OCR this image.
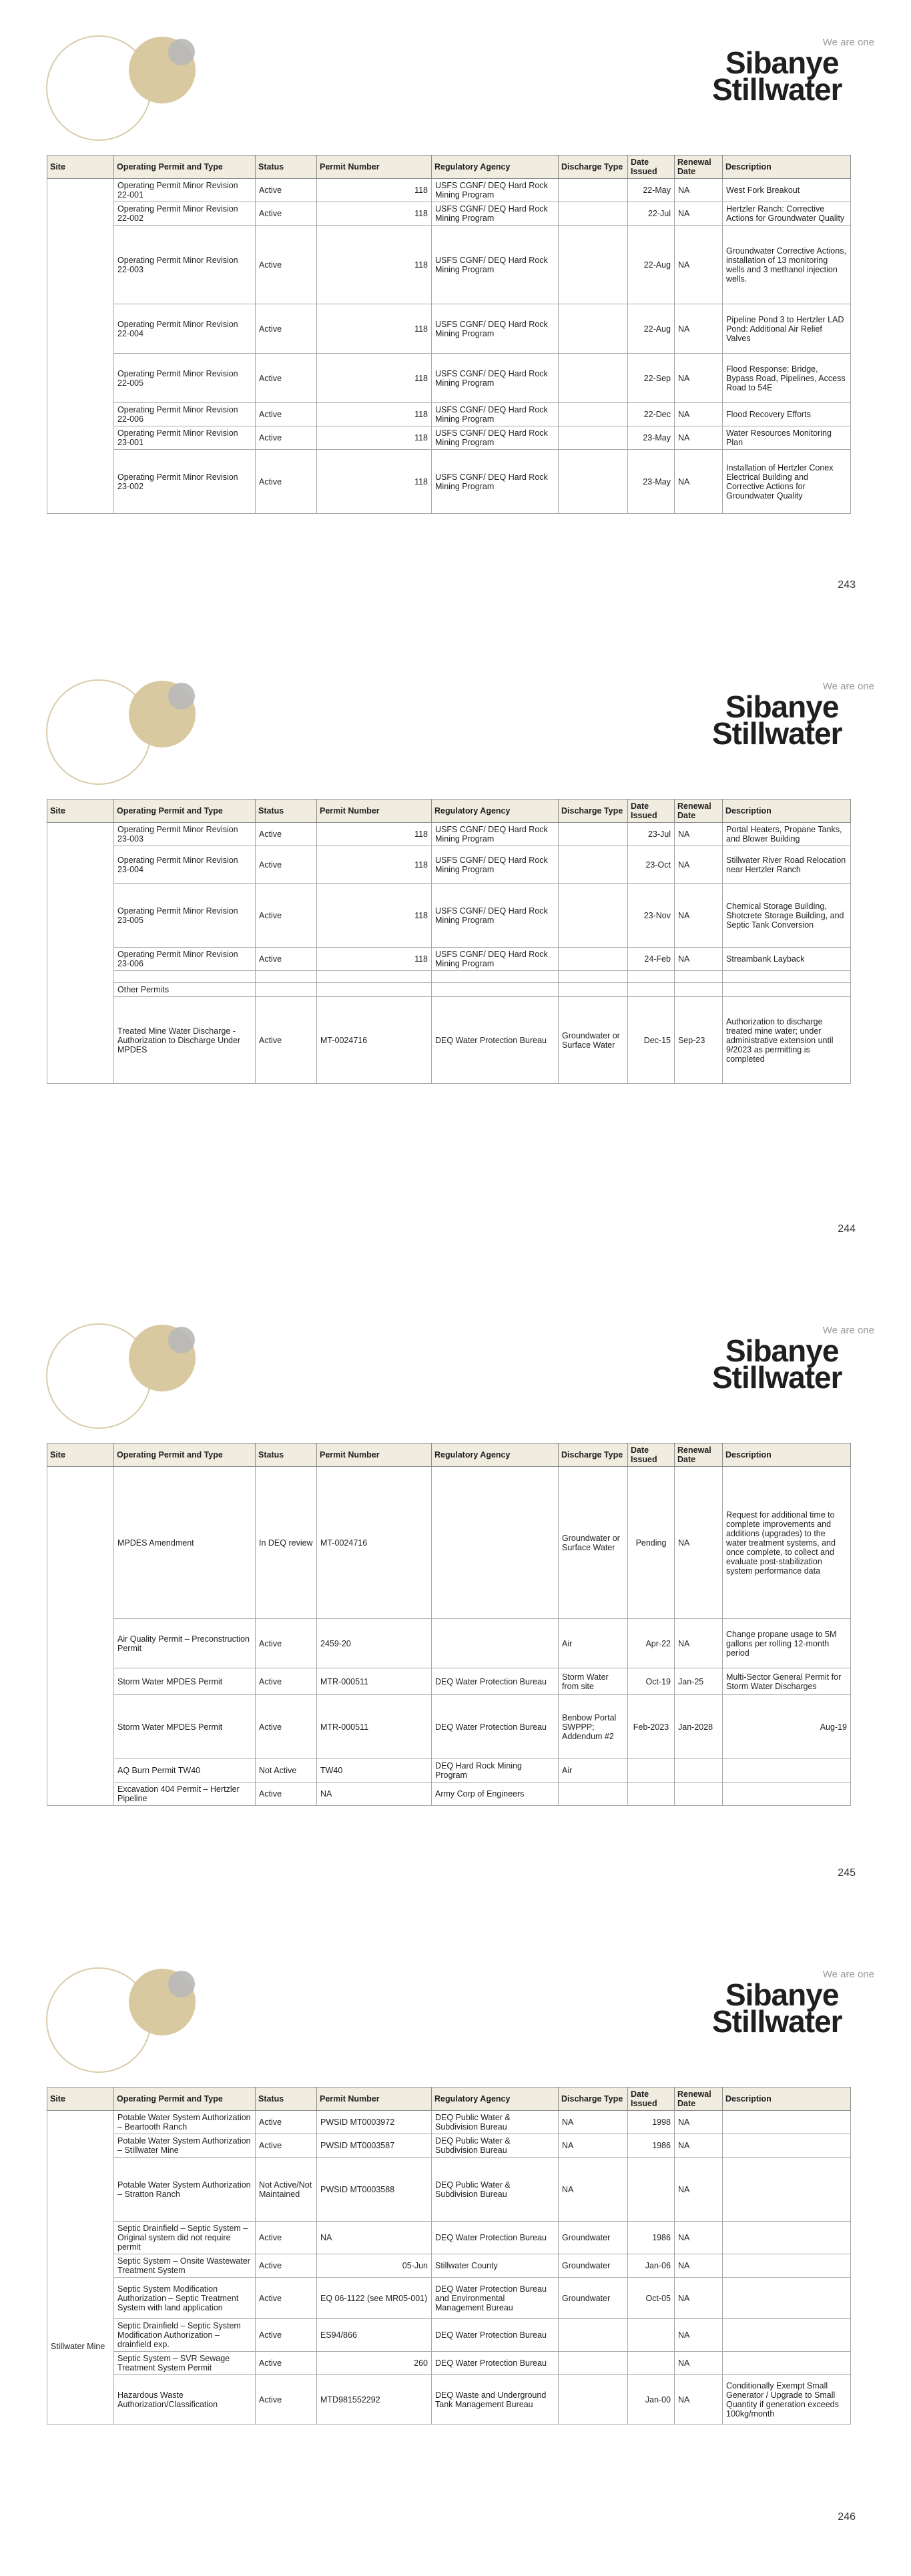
We are one
Sibanye
Stillwater
Site	Operating Permit and Type	Status	Permit Number	Regulatory Agency	Discharge Type	Date Issued	Renewal Date	Description
	Operating Permit Minor Revision 22-001	Active	118	USFS CGNF/ DEQ Hard Rock Mining Program		22-May	NA	West Fork Breakout
	Operating Permit Minor Revision 22-002	Active	118	USFS CGNF/ DEQ Hard Rock Mining Program		22-Jul	NA	Hertzler Ranch: Corrective Actions for Groundwater Quality
	Operating Permit Minor Revision 22-003	Active	118	USFS CGNF/ DEQ Hard Rock Mining Program		22-Aug	NA	Groundwater Corrective Actions, installation of 13 monitoring wells and 3 methanol injection wells.
	Operating Permit Minor Revision 22-004	Active	118	USFS CGNF/ DEQ Hard Rock Mining Program		22-Aug	NA	Pipeline Pond 3 to Hertzler LAD Pond: Additional Air Relief Valves
	Operating Permit Minor Revision 22-005	Active	118	USFS CGNF/ DEQ Hard Rock Mining Program		22-Sep	NA	Flood Response: Bridge, Bypass Road, Pipelines, Access Road to 54E
	Operating Permit Minor Revision 22-006	Active	118	USFS CGNF/ DEQ Hard Rock Mining Program		22-Dec	NA	Flood Recovery Efforts
	Operating Permit Minor Revision 23-001	Active	118	USFS CGNF/ DEQ Hard Rock Mining Program		23-May	NA	Water Resources Monitoring Plan
	Operating Permit Minor Revision 23-002	Active	118	USFS CGNF/ DEQ Hard Rock Mining Program		23-May	NA	Installation of Hertzler Conex Electrical Building and Corrective Actions for Groundwater Quality
243
We are one
Sibanye
Stillwater
Site	Operating Permit and Type	Status	Permit Number	Regulatory Agency	Discharge Type	Date Issued	Renewal Date	Description
	Operating Permit Minor Revision 23-003	Active	118	USFS CGNF/ DEQ Hard Rock Mining Program		23-Jul	NA	Portal Heaters, Propane Tanks, and Blower Building
	Operating Permit Minor Revision 23-004	Active	118	USFS CGNF/ DEQ Hard Rock Mining Program		23-Oct	NA	Stillwater River Road Relocation near Hertzler Ranch
	Operating Permit Minor Revision 23-005	Active	118	USFS CGNF/ DEQ Hard Rock Mining Program		23-Nov	NA	Chemical Storage Building, Shotcrete Storage Building, and Septic Tank Conversion
	Operating Permit Minor Revision 23-006	Active	118	USFS CGNF/ DEQ Hard Rock Mining Program		24-Feb	NA	Streambank Layback

	Other Permits							
	Treated Mine Water Discharge - Authorization to Discharge Under MPDES	Active	MT-0024716	DEQ Water Protection Bureau	Groundwater or Surface Water	Dec-15	Sep-23	Authorization to discharge treated mine water; under administrative extension until 9/2023 as permitting is completed
244
We are one
Sibanye
Stillwater
Site	Operating Permit and Type	Status	Permit Number	Regulatory Agency	Discharge Type	Date Issued	Renewal Date	Description
	MPDES Amendment	In DEQ review	MT-0024716		Groundwater or Surface Water	Pending	NA	Request for additional time to complete improvements and additions (upgrades) to the water treatment systems, and once complete, to collect and evaluate post-stabilization system performance data
	Air Quality Permit – Preconstruction Permit	Active	2459-20		Air	Apr-22	NA	Change propane usage to 5M gallons per rolling 12-month period
	Storm Water MPDES Permit	Active	MTR-000511	DEQ Water Protection Bureau	Storm Water from site	Oct-19	Jan-25	Multi-Sector General Permit for Storm Water Discharges
	Storm Water MPDES Permit	Active	MTR-000511	DEQ Water Protection Bureau	Benbow Portal SWPPP; Addendum #2	Feb-2023	Jan-2028	Aug-19
	AQ Burn Permit TW40	Not Active	TW40	DEQ Hard Rock Mining Program	Air			
	Excavation 404 Permit – Hertzler Pipeline	Active	NA	Army Corp of Engineers				
245
We are one
Sibanye
Stillwater
Site	Operating Permit and Type	Status	Permit Number	Regulatory Agency	Discharge Type	Date Issued	Renewal Date	Description
Stillwater Mine	Potable Water System Authorization – Beartooth Ranch	Active	PWSID MT0003972	DEQ Public Water & Subdivision Bureau	NA	1998	NA	
	Potable Water System Authorization – Stillwater Mine	Active	PWSID MT0003587	DEQ Public Water & Subdivision Bureau	NA	1986	NA	
	Potable Water System Authorization – Stratton Ranch	Not Active/Not Maintained	PWSID MT0003588	DEQ Public Water & Subdivision Bureau	NA		NA	
	Septic Drainfield – Septic System – Original system did not require permit	Active	NA	DEQ Water Protection Bureau	Groundwater	1986	NA	
	Septic System – Onsite Wastewater Treatment System	Active	05-Jun	Stillwater County	Groundwater	Jan-06	NA	
	Septic System Modification Authorization – Septic Treatment System with land application	Active	EQ 06-1122 (see MR05-001)	DEQ Water Protection Bureau and Environmental Management Bureau	Groundwater	Oct-05	NA	
	Septic Drainfield – Septic System Modification Authorization – drainfield exp.	Active	ES94/866	DEQ Water Protection Bureau			NA	
	Septic System – SVR Sewage Treatment System Permit	Active	260	DEQ Water Protection Bureau			NA	
	Hazardous Waste Authorization/Classification	Active	MTD981552292	DEQ Waste and Underground Tank Management Bureau		Jan-00	NA	Conditionally Exempt Small Generator / Upgrade to Small Quantity if generation exceeds 100kg/month
246
